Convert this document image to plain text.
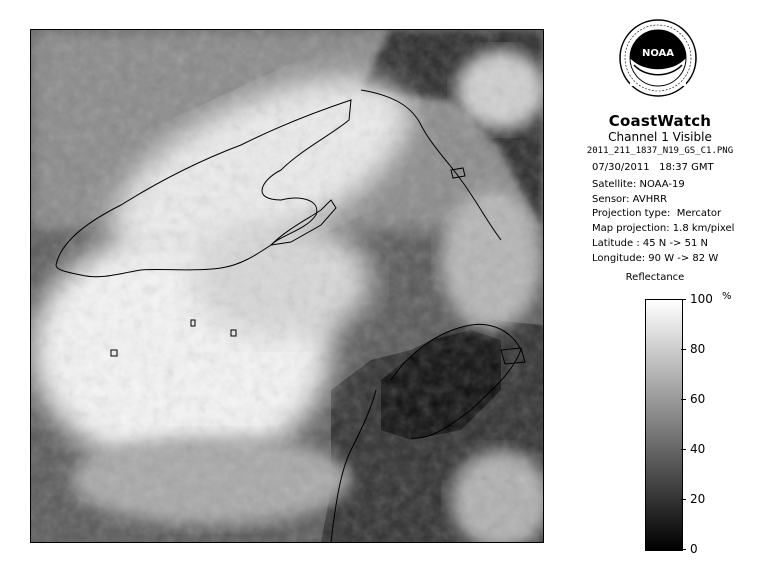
NOAA
CoastWatch
Channel 1 Visible
2011_211_1837_N19_GS_C1.PNG
07/30/2011   18:37 GMT
Satellite: NOAA-19
Sensor: AVHRR
Projection type:  Mercator
Map projection: 1.8 km/pixel
Latitude : 45 N -> 51 N
Longitude: 90 W -> 82 W
Reflectance
%
100
80
60
40
20
0
